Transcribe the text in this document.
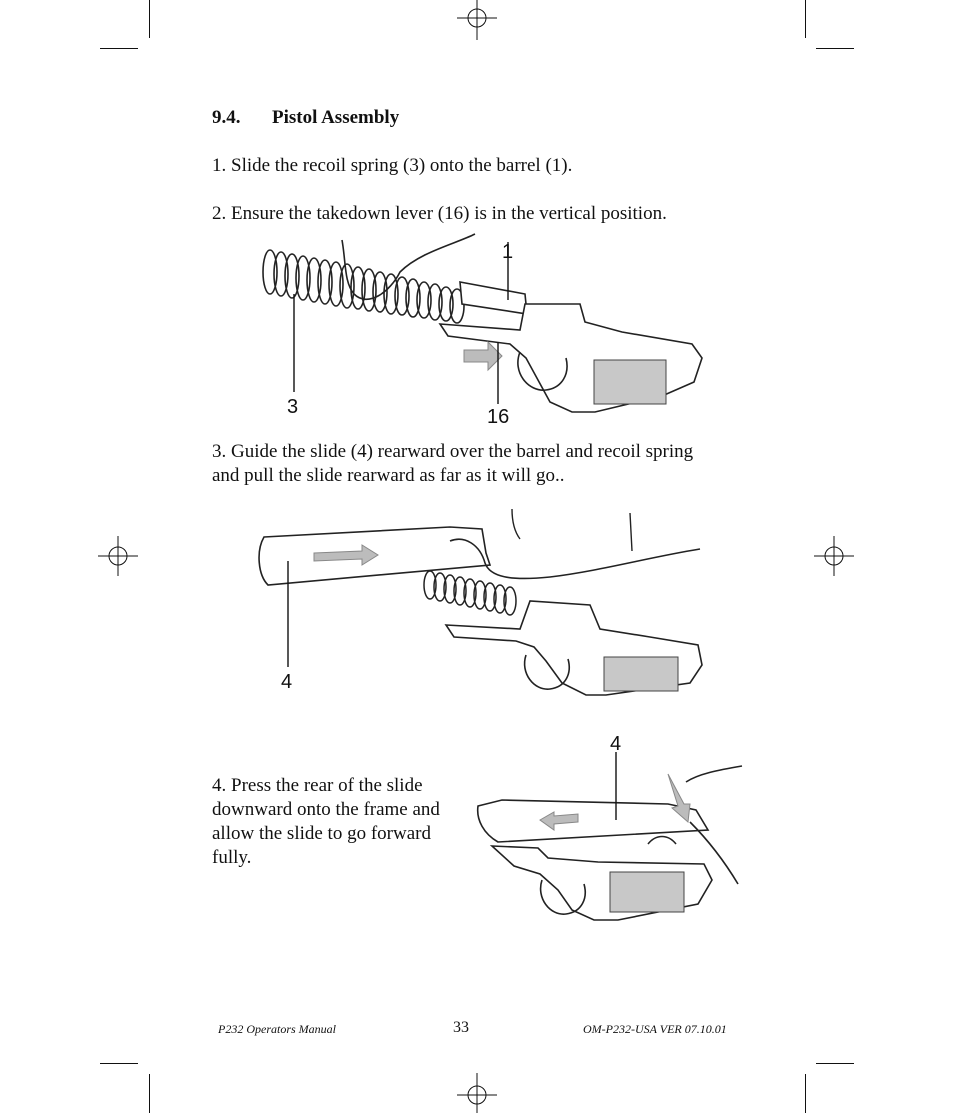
9.4. Pistol Assembly
1. Slide the recoil spring (3) onto the barrel (1).
2. Ensure the takedown lever (16) is in the vertical position.
1
3	16
3. Guide the slide (4) rearward over the barrel and recoil spring
and pull the slide rearward as far as it will go..
4
4. Press the rear of the slide
downward onto the frame and
allow the slide to go forward
fully.
4
P232 Operators Manual	33	OM-P232-USA VER 07.10.01
